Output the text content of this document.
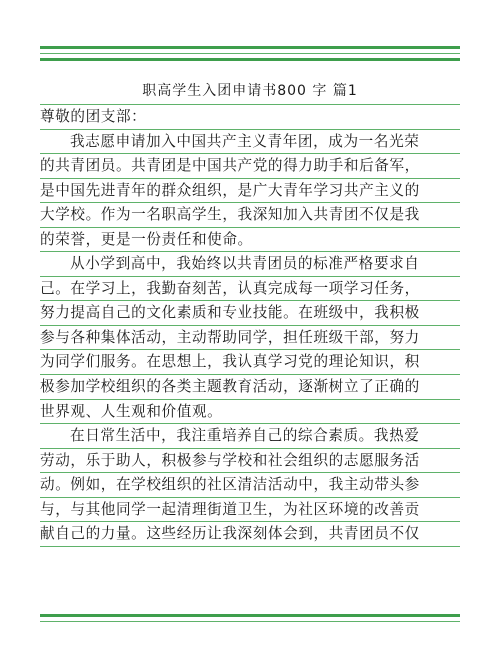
职高学生入团申请书800 字 篇1
尊敬的团支部：
我志愿申请加入中国共产主义青年团，成为一名光荣
的共青团员。共青团是中国共产党的得力助手和后备军，
是中国先进青年的群众组织，是广大青年学习共产主义的
大学校。作为一名职高学生，我深知加入共青团不仅是我
的荣誉，更是一份责任和使命。
从小学到高中，我始终以共青团员的标准严格要求自
己。在学习上，我勤奋刻苦，认真完成每一项学习任务，
努力提高自己的文化素质和专业技能。在班级中，我积极
参与各种集体活动，主动帮助同学，担任班级干部，努力
为同学们服务。在思想上，我认真学习党的理论知识，积
极参加学校组织的各类主题教育活动，逐渐树立了正确的
世界观、人生观和价值观。
在日常生活中，我注重培养自己的综合素质。我热爱
劳动，乐于助人，积极参与学校和社会组织的志愿服务活
动。例如，在学校组织的社区清洁活动中，我主动带头参
与，与其他同学一起清理街道卫生，为社区环境的改善贡
献自己的力量。这些经历让我深刻体会到，共青团员不仅
